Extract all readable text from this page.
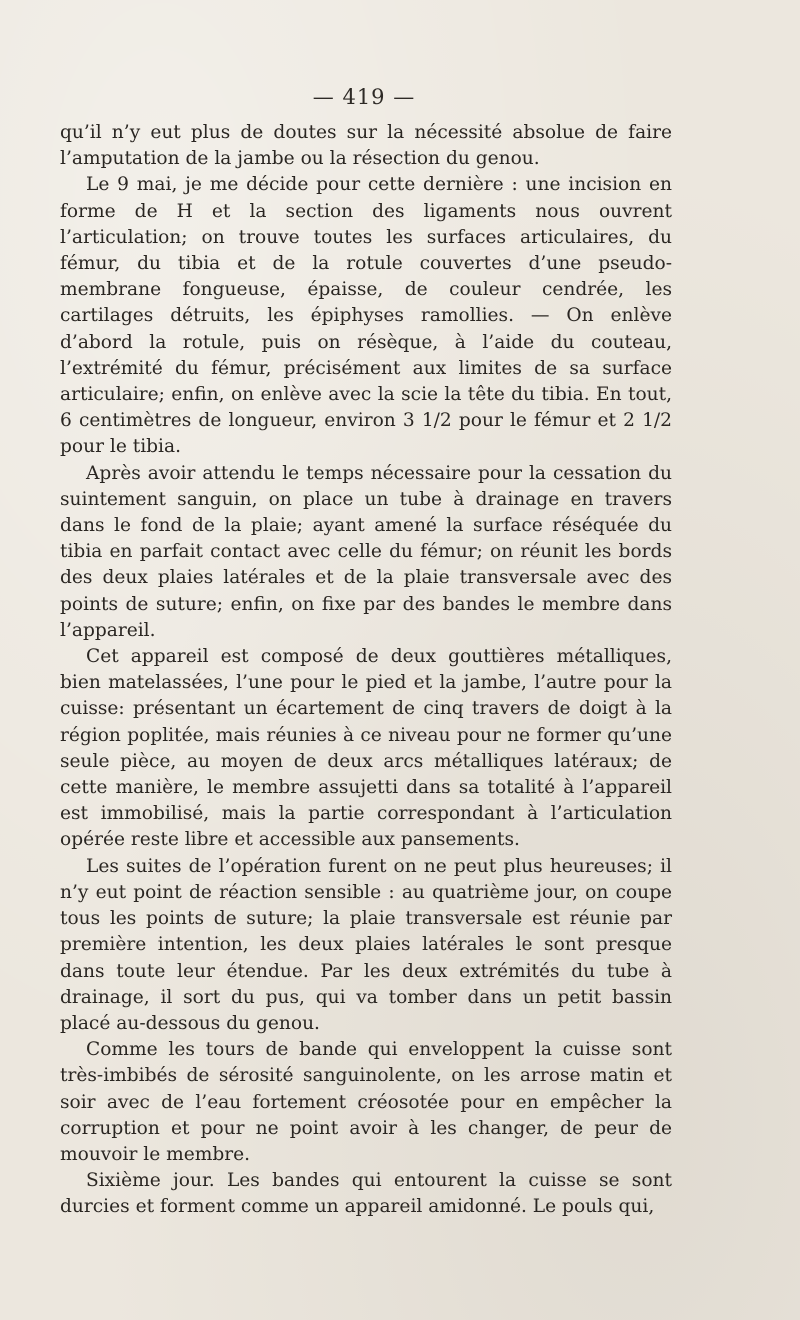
— 419 —

qu’il n’y eut plus de doutes sur la nécessité absolue de faire l’amputation de la jambe ou la résection du genou.

Le 9 mai, je me décide pour cette dernière : une incision en forme de H et la section des ligaments nous ouvrent l’articulation; on trouve toutes les surfaces articulaires, du fémur, du tibia et de la rotule couvertes d’une pseudo-membrane fongueuse, épaisse, de couleur cendrée, les cartilages détruits, les épiphyses ramollies. — On enlève d’abord la rotule, puis on résèque, à l’aide du couteau, l’extrémité du fémur, précisément aux limites de sa surface articulaire; enfin, on enlève avec la scie la tête du tibia. En tout, 6 centimètres de longueur, environ 3 1/2 pour le fémur et 2 1/2 pour le tibia.

Après avoir attendu le temps nécessaire pour la cessation du suintement sanguin, on place un tube à drainage en travers dans le fond de la plaie; ayant amené la surface réséquée du tibia en parfait contact avec celle du fémur; on réunit les bords des deux plaies latérales et de la plaie transversale avec des points de suture; enfin, on fixe par des bandes le membre dans l’appareil.

Cet appareil est composé de deux gouttières métalliques, bien matelassées, l’une pour le pied et la jambe, l’autre pour la cuisse: présentant un écartement de cinq travers de doigt à la région poplitée, mais réunies à ce niveau pour ne former qu’une seule pièce, au moyen de deux arcs métalliques latéraux; de cette manière, le membre assujetti dans sa totalité à l’appareil est immobilisé, mais la partie correspondant à l’articulation opérée reste libre et accessible aux pansements.

Les suites de l’opération furent on ne peut plus heureuses; il n’y eut point de réaction sensible : au quatrième jour, on coupe tous les points de suture; la plaie transversale est réunie par première intention, les deux plaies latérales le sont presque dans toute leur étendue. Par les deux extrémités du tube à drainage, il sort du pus, qui va tomber dans un petit bassin placé au-dessous du genou.

Comme les tours de bande qui enveloppent la cuisse sont très-imbibés de sérosité sanguinolente, on les arrose matin et soir avec de l’eau fortement créosotée pour en empêcher la corruption et pour ne point avoir à les changer, de peur de mouvoir le membre.

Sixième jour. Les bandes qui entourent la cuisse se sont durcies et forment comme un appareil amidonné. Le pouls qui,
